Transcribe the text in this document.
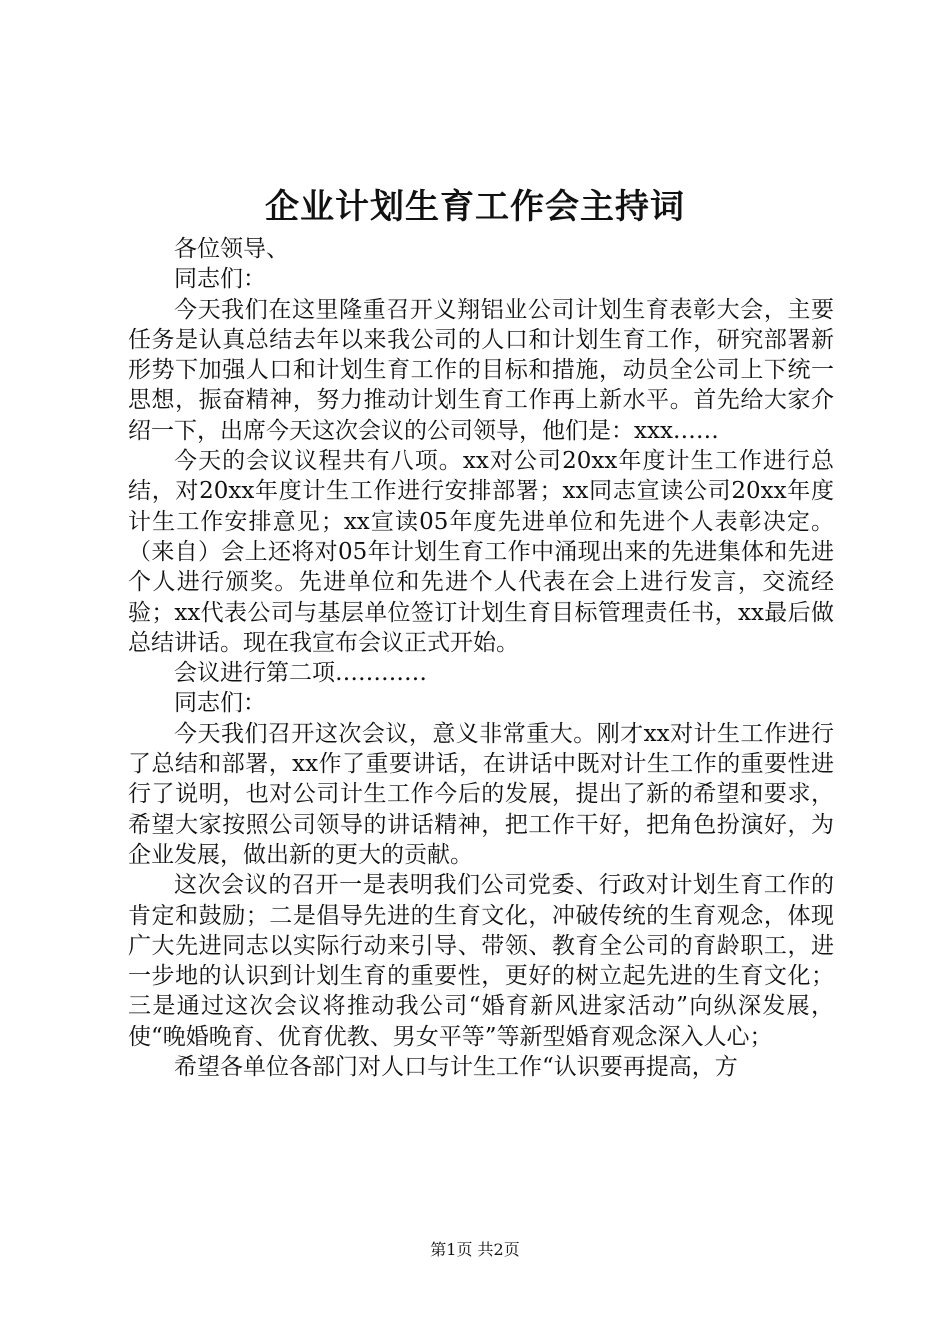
企业计划生育工作会主持词

各位领导、

同志们：

今天我们在这里隆重召开义翔铝业公司计划生育表彰大会，主要任务是认真总结去年以来我公司的人口和计划生育工作，研究部署新形势下加强人口和计划生育工作的目标和措施，动员全公司上下统一思想，振奋精神，努力推动计划生育工作再上新水平。首先给大家介绍一下，出席今天这次会议的公司领导，他们是：xxx……

今天的会议议程共有八项。xx对公司20xx年度计生工作进行总结，对20xx年度计生工作进行安排部署；xx同志宣读公司20xx年度计生工作安排意见；xx宣读05年度先进单位和先进个人表彰决定。（来自）会上还将对05年计划生育工作中涌现出来的先进集体和先进个人进行颁奖。先进单位和先进个人代表在会上进行发言，交流经验；xx代表公司与基层单位签订计划生育目标管理责任书，xx最后做总结讲话。现在我宣布会议正式开始。

会议进行第二项…………

同志们：

今天我们召开这次会议，意义非常重大。刚才xx对计生工作进行了总结和部署，xx作了重要讲话，在讲话中既对计生工作的重要性进行了说明，也对公司计生工作今后的发展，提出了新的希望和要求，希望大家按照公司领导的讲话精神，把工作干好，把角色扮演好，为企业发展，做出新的更大的贡献。

这次会议的召开一是表明我们公司党委、行政对计划生育工作的肯定和鼓励；二是倡导先进的生育文化，冲破传统的生育观念，体现广大先进同志以实际行动来引导、带领、教育全公司的育龄职工，进一步地的认识到计划生育的重要性，更好的树立起先进的生育文化；三是通过这次会议将推动我公司“婚育新风进家活动”向纵深发展，使“晚婚晚育、优育优教、男女平等”等新型婚育观念深入人心；

希望各单位各部门对人口与计生工作“认识要再提高，方

第1页 共2页
